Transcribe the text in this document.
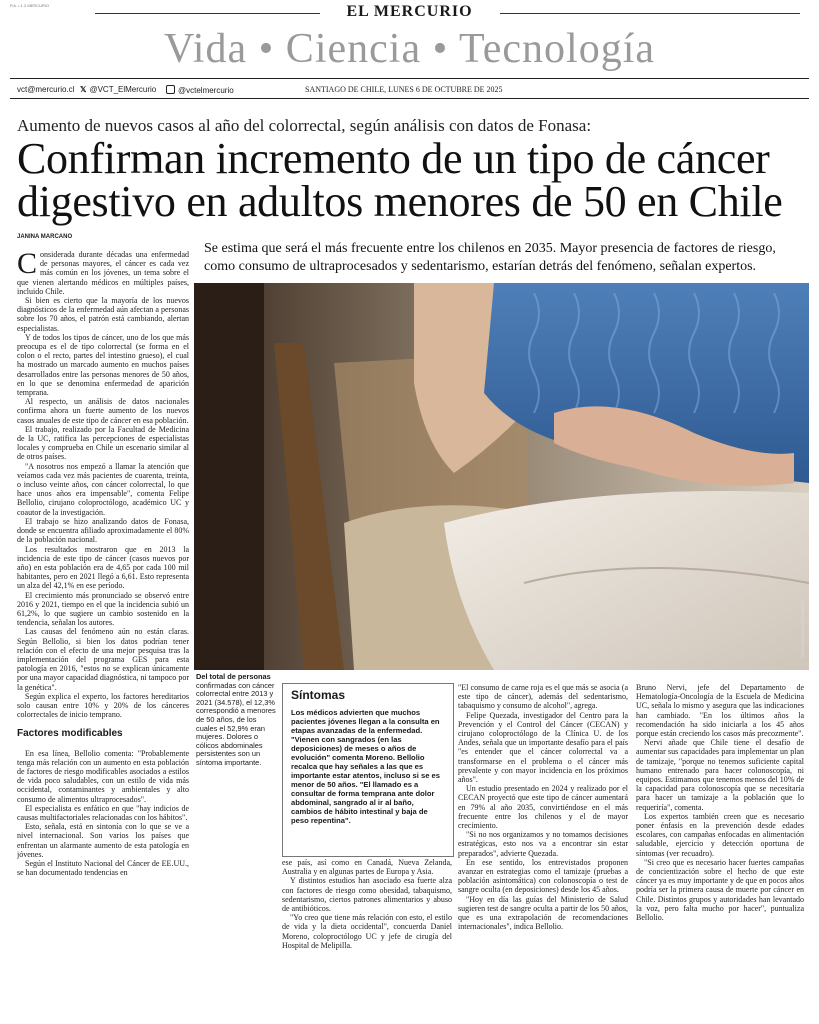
P.A. • 1.2 MERCURIO	EL MERCURIO
Vida • Ciencia • Tecnología
vct@mercurio.cl 𝕏 @VCT_ElMercurio	@vctelmercurio	SANTIAGO DE CHILE, LUNES 6 DE OCTUBRE DE 2025
Aumento de nuevos casos al año del colorrectal, según análisis con datos de Fonasa:
Confirman incremento de un tipo de cáncer
digestivo en adultos menores de 50 en Chile
JANINA MARCANO
Se estima que será el más frecuente entre los chilenos en 2035. Mayor presencia de factores de riesgo, como consumo de ultraprocesados y sedentarismo, estarían detrás del fenómeno, señalan expertos.

Considerada durante décadas una enfermedad de personas mayores, el cáncer es cada vez más común en los jóvenes, un tema sobre el que vienen alertando médicos en múltiples países, incluido Chile.

Si bien es cierto que la mayoría de los nuevos diagnósticos de la enfermedad aún afectan a personas sobre los 70 años, el patrón está cambiando, alertan especialistas.

Y de todos los tipos de cáncer, uno de los que más preocupa es el de tipo colorrectal (se forma en el colon o el recto, partes del intestino grueso), el cual ha mostrado un marcado aumento en muchos países desarrollados entre las personas menores de 50 años, en lo que se denomina enfermedad de aparición temprana.

Al respecto, un análisis de datos nacionales confirma ahora un fuerte aumento de los nuevos casos anuales de este tipo de cáncer en esa población.

El trabajo, realizado por la Facultad de Medicina de la UC, ratifica las percepciones de especialistas locales y comprueba en Chile un escenario similar al de otros países.

"A nosotros nos empezó a llamar la atención que veíamos cada vez más pacientes de cuarenta, treinta, o incluso veinte años, con cáncer colorrectal, lo que hace unos años era impensable", comenta Felipe Bellolio, cirujano coloproctólogo, académico UC y coautor de la investigación.

El trabajo se hizo analizando datos de Fonasa, donde se encuentra afiliado aproximadamente el 80% de la población nacional.

Los resultados mostraron que en 2013 la incidencia de este tipo de cáncer (casos nuevos por año) en esta población era de 4,65 por cada 100 mil habitantes, pero en 2021 llegó a 6,61. Esto representa un alza del 42,1% en ese período.

El crecimiento más pronunciado se observó entre 2016 y 2021, tiempo en el que la incidencia subió un 61,2%, lo que sugiere un cambio sostenido en la tendencia, señalan los autores.

Las causas del fenómeno aún no están claras. Según Bellolio, si bien los datos podrían tener relación con el efecto de una mejor pesquisa tras la implementación del programa GES para esta patología en 2016, "estos no se explican únicamente por una mayor capacidad diagnóstica, ni tampoco por la genética".

Según explica el experto, los factores hereditarios solo causan entre 10% y 20% de los cánceres colorrectales de inicio temprano.

Factores modificables

En esa línea, Bellolio comenta: "Probablemente tenga más relación con un aumento en esta población de factores de riesgo modificables asociados a estilos de vida poco saludables, con un estilo de vida más occidental, contaminantes y ambientales y alto consumo de alimentos ultraprocesados".

El especialista es enfático en que "hay indicios de causas multifactoriales relacionadas con los hábitos".

Esto, señala, está en sintonía con lo que se ve a nivel internacional. Son varios los países que enfrentan un alarmante aumento de esta patología en jóvenes.

Según el Instituto Nacional del Cáncer de EE.UU., se han documentado tendencias en

PEXELS/CREATIVECOMMONS
Del total de personas
confirmadas con cáncer colorrectal entre 2013 y 2021 (34.578), el 12,3% correspondió a menores de 50 años, de los cuales el 52,9% eran mujeres. Dolores o cólicos abdominales persistentes son un síntoma importante.
Síntomas

Los médicos advierten que muchos pacientes jóvenes llegan a la consulta en etapas avanzadas de la enfermedad. "Vienen con sangrados (en las deposiciones) de meses o años de evolución" comenta Moreno. Bellolio recalca que hay señales a las que es importante estar atentos, incluso si se es menor de 50 años. "El llamado es a consultar de forma temprana ante dolor abdominal, sangrado al ir al baño, cambios de hábito intestinal y baja de peso repentina".

ese país, así como en Canadá, Nueva Zelanda, Australia y en algunas partes de Europa y Asia.

Y distintos estudios han asociado esa fuerte alza con factores de riesgo como obesidad, tabaquismo, sedentarismo, ciertos patrones alimentarios y abuso de antibióticos.

"Yo creo que tiene más relación con esto, el estilo de vida y la dieta occidental", concuerda Daniel Moreno, coloproctólogo UC y jefe de cirugía del Hospital de Melipilla.

"El consumo de carne roja es el que más se asocia (a este tipo de cáncer), además del sedentarismo, tabaquismo y consumo de alcohol", agrega.

Felipe Quezada, investigador del Centro para la Prevención y el Control del Cáncer (CECAN) y cirujano coloproctólogo de la Clínica U. de los Andes, señala que un importante desafío para el país "es entender que el cáncer colorrectal va a transformarse en el problema o el cáncer más prevalente y con mayor incidencia en los próximos años".

Un estudio presentado en 2024 y realizado por el CECAN proyectó que este tipo de cáncer aumentará en 79% al año 2035, convirtiéndose en el más frecuente entre los chilenos y el de mayor crecimiento.

"Si no nos organizamos y no tomamos decisiones estratégicas, esto nos va a encontrar sin estar preparados", advierte Quezada.

En ese sentido, los entrevistados proponen avanzar en estrategias como el tamizaje (pruebas a población asintomática) con colonoscopía o test de sangre oculta (en deposiciones) desde los 45 años.

"Hoy en día las guías del Ministerio de Salud sugieren test de sangre oculta a partir de los 50 años, que es una extrapolación de recomendaciones internacionales", indica Bellolio.

Bruno Nervi, jefe del Departamento de Hematología-Oncología de la Escuela de Medicina UC, señala lo mismo y asegura que las indicaciones han cambiado. "En los últimos años la recomendación ha sido iniciarla a los 45 años porque están creciendo los casos más precozmente".

Nervi añade que Chile tiene el desafío de aumentar sus capacidades para implementar un plan de tamizaje, "porque no tenemos suficiente capital humano entrenado para hacer colonoscopía, ni equipos. Estimamos que tenemos menos del 10% de la capacidad para colonoscopía que se necesitaría para hacer un tamizaje a la población que lo requeriría", comenta.

Los expertos también creen que es necesario poner énfasis en la prevención desde edades escolares, con campañas enfocadas en alimentación saludable, ejercicio y detección oportuna de síntomas (ver recuadro).

"Si creo que es necesario hacer fuertes campañas de concientización sobre el hecho de que este cáncer ya es muy importante y de que en pocos años podría ser la primera causa de muerte por cáncer en Chile. Distintos grupos y autoridades han levantado la voz, pero falta mucho por hacer", puntualiza Bellolio.
